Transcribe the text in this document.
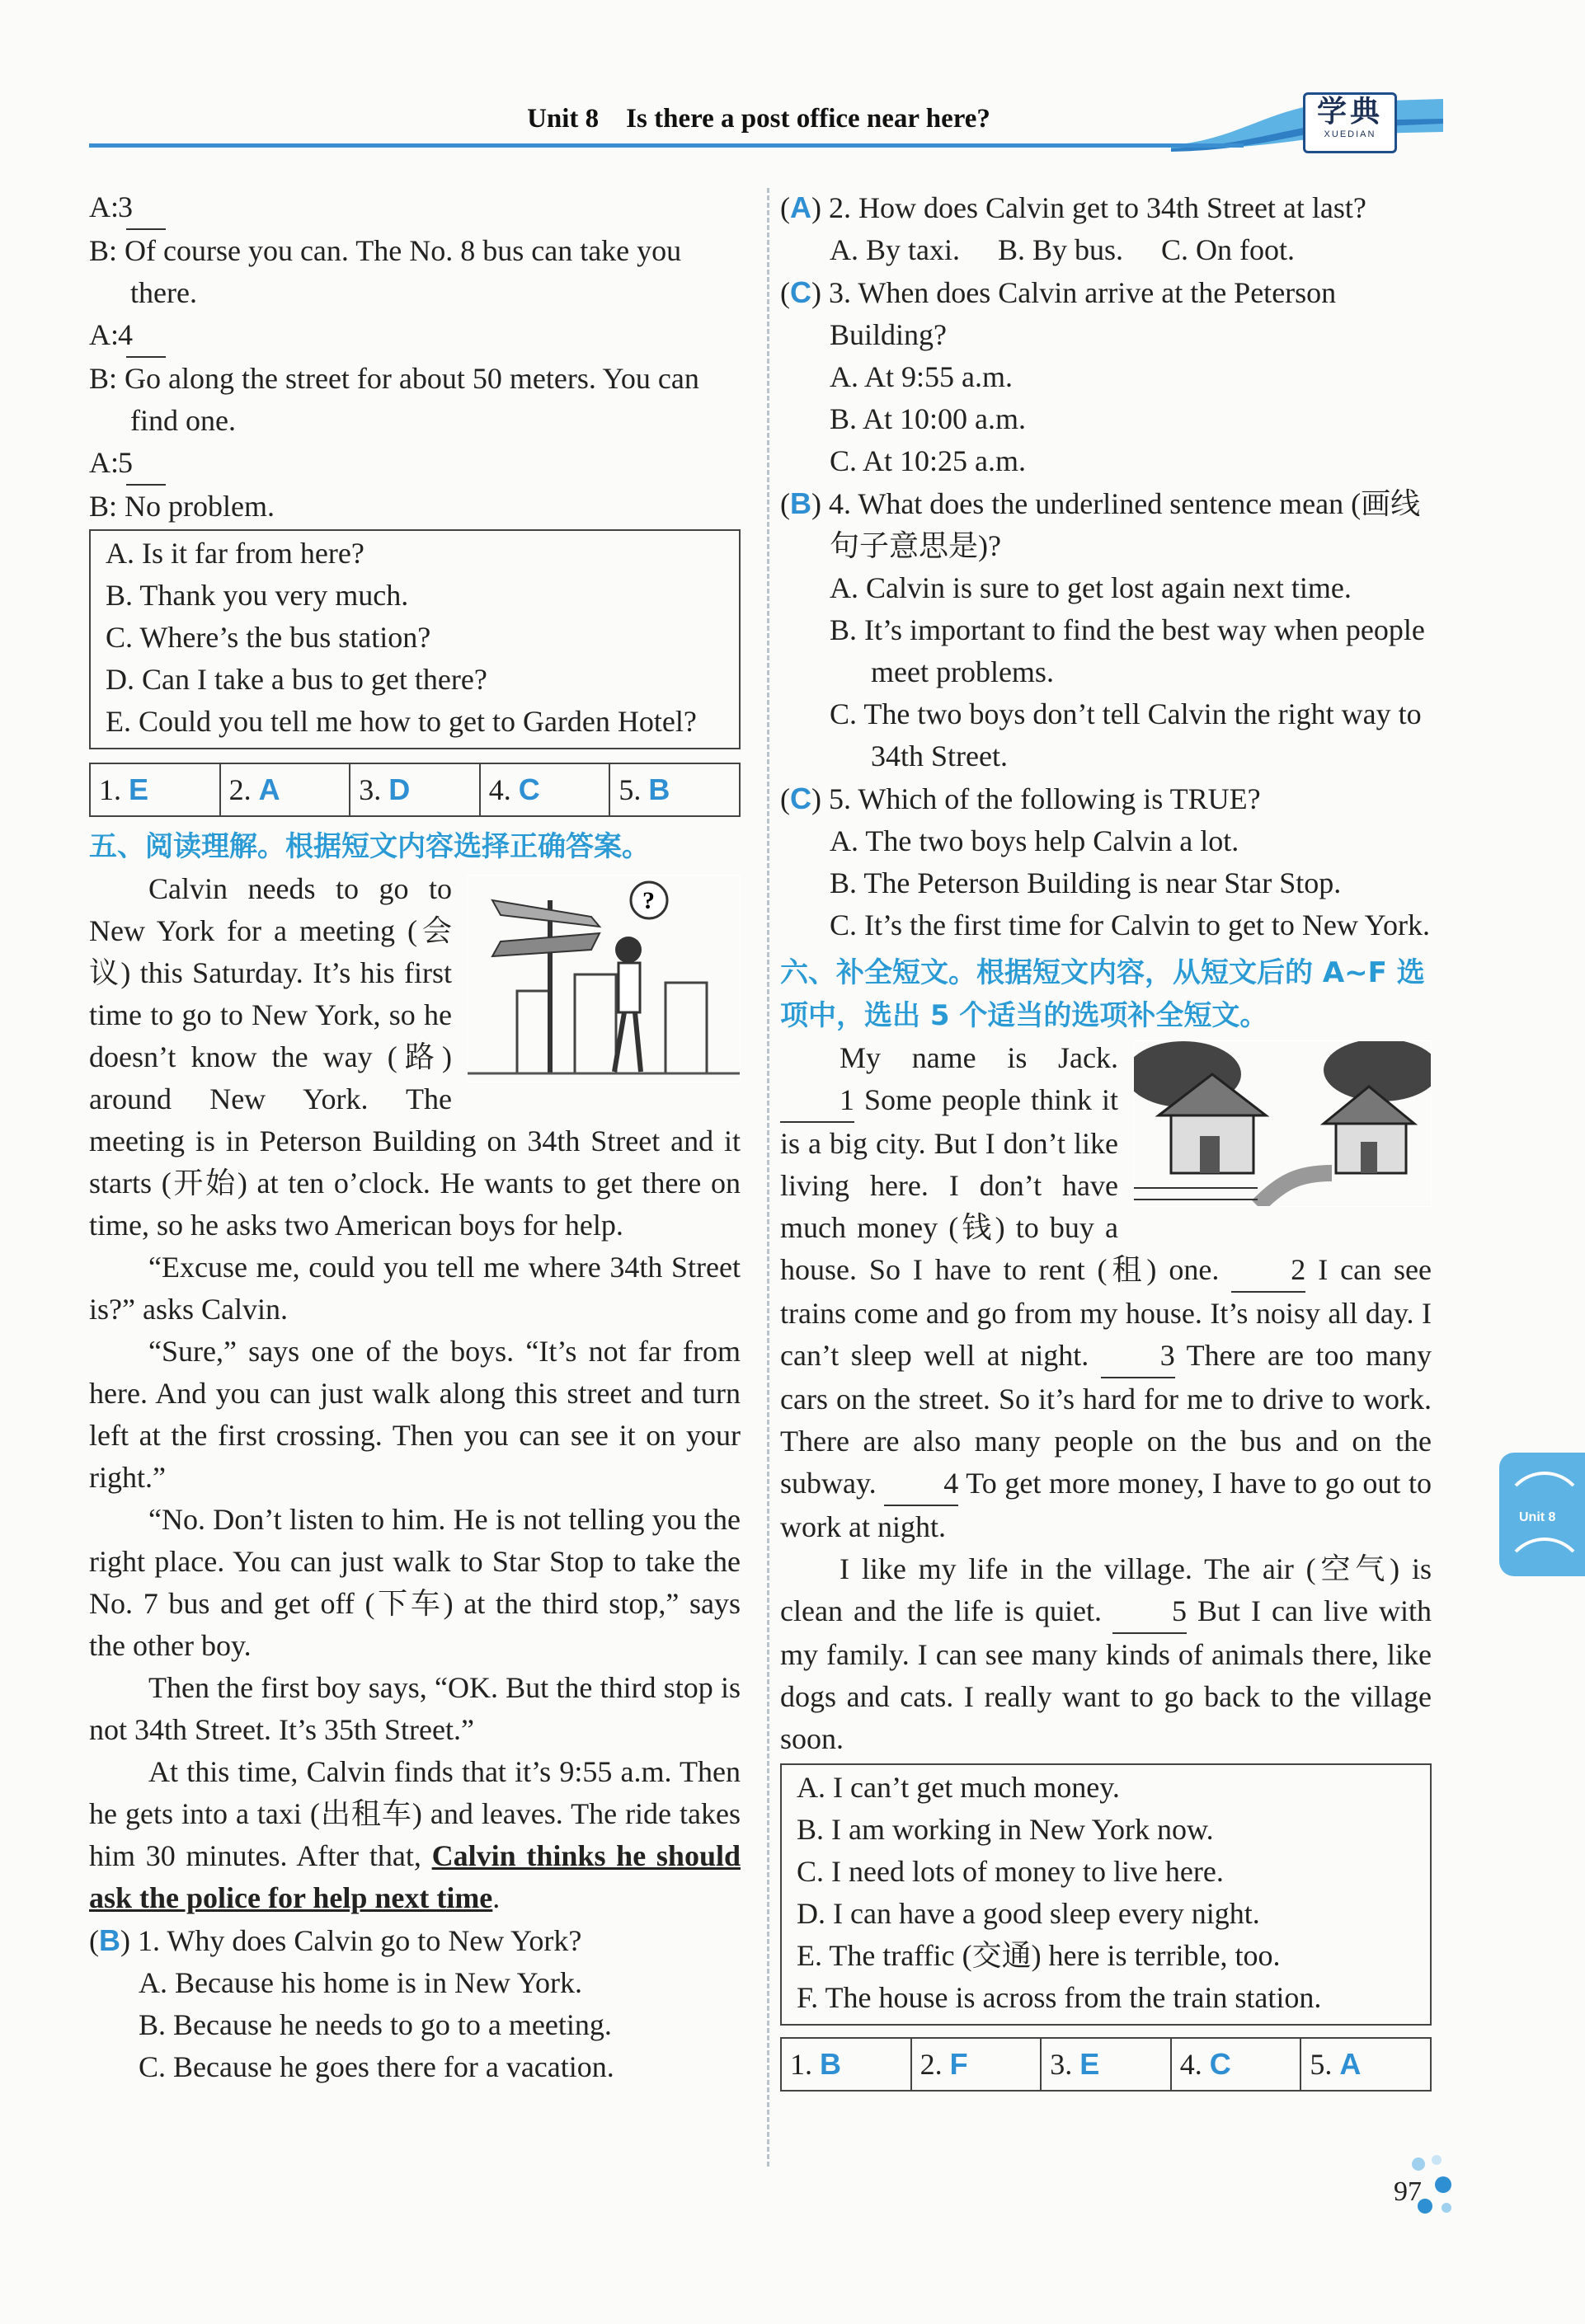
学典
XUEDIAN
Unit 8    Is there a post office near here?

A: 3

B: Of course you can. The No. 8 bus can take you there.

A: 4

B: Go along the street for about 50 meters. You can find one.

A: 5

B: No problem.

A. Is it far from here?

B. Thank you very much.

C. Where’s the bus station?

D. Can I take a bus to get there?

E. Could you tell me how to get to Garden Hotel?

1. E	2. A	3. D	4. C	5. B

五、阅读理解。根据短文内容选择正确答案。

?

Calvin needs to go to New York for a meeting (会议) this Saturday. It’s his first time to go to New York, so he doesn’t know the way (路) around New York. The meeting is in Peterson Building on 34th Street and it starts (开始) at ten o’clock. He wants to get there on time, so he asks two American boys for help.

“Excuse me, could you tell me where 34th Street is?” asks Calvin.

“Sure,” says one of the boys. “It’s not far from here. And you can just walk along this street and turn left at the first crossing. Then you can see it on your right.”

“No. Don’t listen to him. He is not telling you the right place. You can just walk to Star Stop to take the No. 7 bus and get off (下车) at the third stop,” says the other boy.

Then the first boy says, “OK. But the third stop is not 34th Street. It’s 35th Street.”

At this time, Calvin finds that it’s 9:55 a.m. Then he gets into a taxi (出租车) and leaves. The ride takes him 30 minutes. After that, Calvin thinks he should ask the police for help next time.

(B) 1. Why does Calvin go to New York?

A. Because his home is in New York.

B. Because he needs to go to a meeting.

C. Because he goes there for a vacation.

(A) 2. How does Calvin get to 34th Street at last?

A. By taxi. B. By bus. C. On foot.

(C) 3. When does Calvin arrive at the Peterson Building?

A. At 9:55 a.m.

B. At 10:00 a.m.

C. At 10:25 a.m.

(B) 4. What does the underlined sentence mean (画线句子意思是)?

A. Calvin is sure to get lost again next time.

B. It’s important to find the best way when people meet problems.

C. The two boys don’t tell Calvin the right way to 34th Street.

(C) 5. Which of the following is TRUE?

A. The two boys help Calvin a lot.

B. The Peterson Building is near Star Stop.

C. It’s the first time for Calvin to get to New York.

六、补全短文。根据短文内容，从短文后的 A~F 选项中，选出 5 个适当的选项补全短文。

My name is Jack. 1 Some people think it is a big city. But I don’t like living here. I don’t have much money (钱) to buy a house. So I have to rent (租) one. 2 I can see trains come and go from my house. It’s noisy all day. I can’t sleep well at night. 3 There are too many cars on the street. So it’s hard for me to drive to work. There are also many people on the bus and on the subway. 4 To get more money, I have to go out to work at night.

I like my life in the village. The air (空气) is clean and the life is quiet. 5 But I can live with my family. I can see many kinds of animals there, like dogs and cats. I really want to go back to the village soon.

A. I can’t get much money.

B. I am working in New York now.

C. I need lots of money to live here.

D. I can have a good sleep every night.

E. The traffic (交通) here is terrible, too.

F. The house is across from the train station.

1. B	2. F	3. E	4. C	5. A
Unit 8
97
